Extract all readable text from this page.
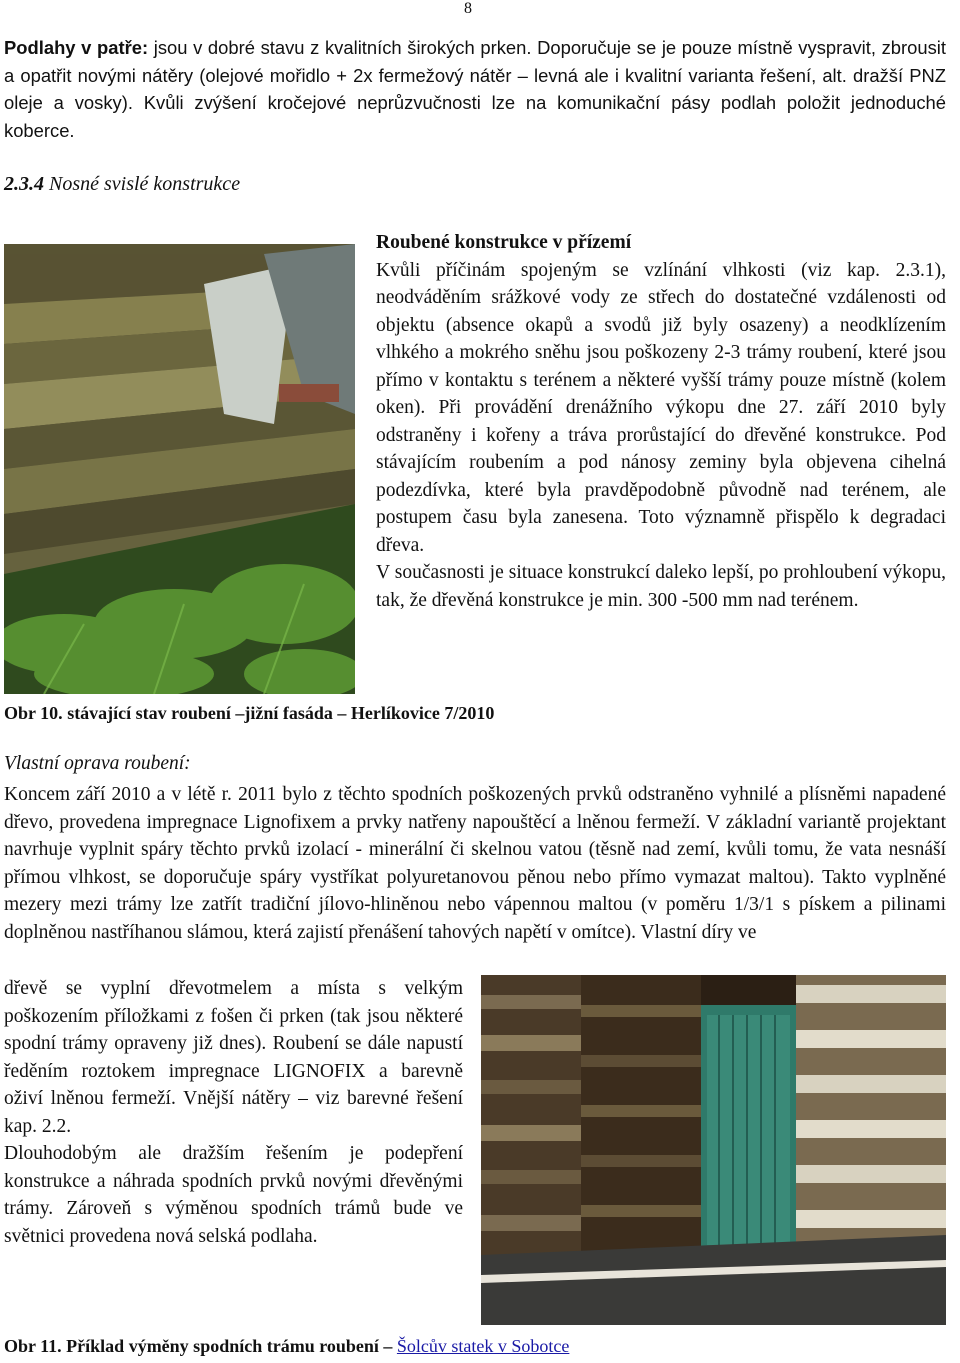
8
Podlahy v patře: jsou v dobré stavu z kvalitních širokých prken. Doporučuje se je pouze místně vyspravit, zbrousit a opatřit novými nátěry (olejové mořidlo + 2x fermežový nátěr – levná ale i kvalitní varianta řešení, alt. dražší PNZ oleje a vosky). Kvůli zvýšení kročejové neprůzvučnosti lze na komunikační pásy podlah položit jednoduché koberce.
2.3.4 Nosné svislé konstrukce
Roubené konstrukce v přízemí
Kvůli příčinám spojeným se vzlínání vlhkosti (viz kap. 2.3.1), neodváděním srážkové vody ze střech do dostatečné vzdálenosti od objektu (absence okapů a svodů již byly osazeny) a neodklízením vlhkého a mokrého sněhu jsou poškozeny 2-3 trámy roubení, které jsou přímo v kontaktu s terénem a některé vyšší trámy pouze místně (kolem oken). Při provádění drenážního výkopu dne 27. září 2010 byly odstraněny i kořeny a tráva prorůstající do dřevěné konstrukce. Pod stávajícím roubením a pod nánosy zeminy byla objevena cihelná podezdívka, které byla pravděpodobně původně nad terénem, ale postupem času byla zanesena. Toto významně přispělo k degradaci dřeva.
V současnosti je situace konstrukcí daleko lepší, po prohloubení výkopu, tak, že dřevěná konstrukce je min. 300 -500 mm nad terénem.
Obr 10. stávající stav roubení –jižní fasáda – Herlíkovice 7/2010
Vlastní oprava roubení:
Koncem září 2010 a v létě r. 2011 bylo z těchto spodních poškozených prvků odstraněno vyhnilé a plísněmi napadené dřevo, provedena impregnace Lignofixem a prvky natřeny napouštěcí a lněnou fermeží. V základní variantě projektant navrhuje vyplnit spáry těchto prvků izolací - minerální či skelnou vatou (těsně nad zemí, kvůli tomu, že vata nesnáší přímou vlhkost, se doporučuje spáry vystříkat polyuretanovou pěnou nebo přímo vymazat maltou). Takto vyplněné mezery mezi trámy lze zatřít tradiční jílovo-hliněnou nebo vápennou maltou (v poměru 1/3/1 s pískem a pilinami doplněnou nastříhanou slámou, která zajistí přenášení tahových napětí v omítce). Vlastní díry ve
dřevě se vyplní dřevotmelem a místa s velkým poškozením příložkami z fošen či prken (tak jsou některé spodní trámy opraveny již dnes). Roubení se dále napustí ředěním roztokem impregnace LIGNOFIX a barevně oživí lněnou fermeží. Vnější nátěry – viz barevné řešení kap. 2.2.
Dlouhodobým ale dražším řešením je podepření konstrukce a náhrada spodních prvků novými dřevěnými trámy. Zároveň s výměnou spodních trámů bude ve světnici provedena nová selská podlaha.
Obr 11. Příklad výměny spodních trámu roubení – Šolcův statek v Sobotce
